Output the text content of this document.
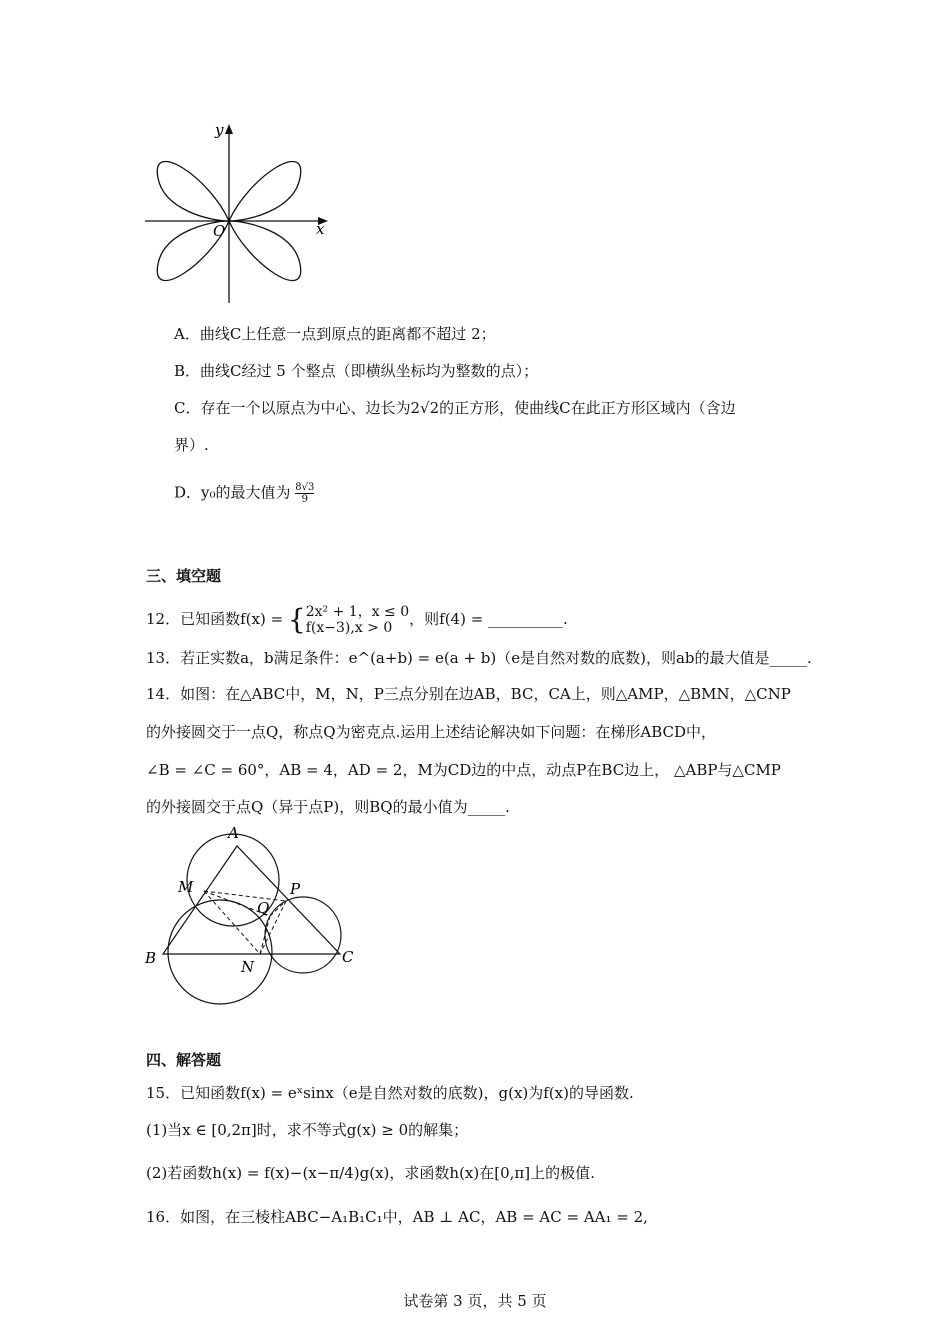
y
x
O
A．曲线C上任意一点到原点的距离都不超过 2；
B．曲线C经过 5 个整点（即横纵坐标均为整数的点）；
C．存在一个以原点为中心、边长为2√2的正方形，使曲线C在此正方形区域内（含边
界）.
D．y₀的最大值为 $\frac{8√3}{9}$
三、填空题
12．已知函数f(x) = { 2x² + 1，x ≤ 0
f(x−3),x > 0	，则f(4) = __________.
13．若正实数a，b满足条件：e^(a+b) = e(a + b)（e是自然对数的底数)，则ab的最大值是_____.
14．如图：在△ABC中，M，N，P三点分别在边AB，BC，CA上，则△AMP，△BMN，△CNP
的外接圆交于一点Q，称点Q为密克点.运用上述结论解决如下问题：在梯形ABCD中，
∠B = ∠C = 60°，AB = 4，AD = 2，M为CD边的中点，动点P在BC边上， △ABP与△CMP
的外接圆交于点Q（异于点P)，则BQ的最小值为_____.
A
M	P
Q
B	N
C
四、解答题
15．已知函数f(x) = eˣsinx（e是自然对数的底数)，g(x)为f(x)的导函数.
(1)当x ∈ [0,2π]时，求不等式g(x) ≥ 0的解集；
(2)若函数h(x) = f(x)−(x−π/4)g(x)，求函数h(x)在[0,π]上的极值.
16．如图，在三棱柱ABC−A₁B₁C₁中，AB ⊥ AC，AB = AC = AA₁ = 2,
试卷第 3 页，共 5 页
